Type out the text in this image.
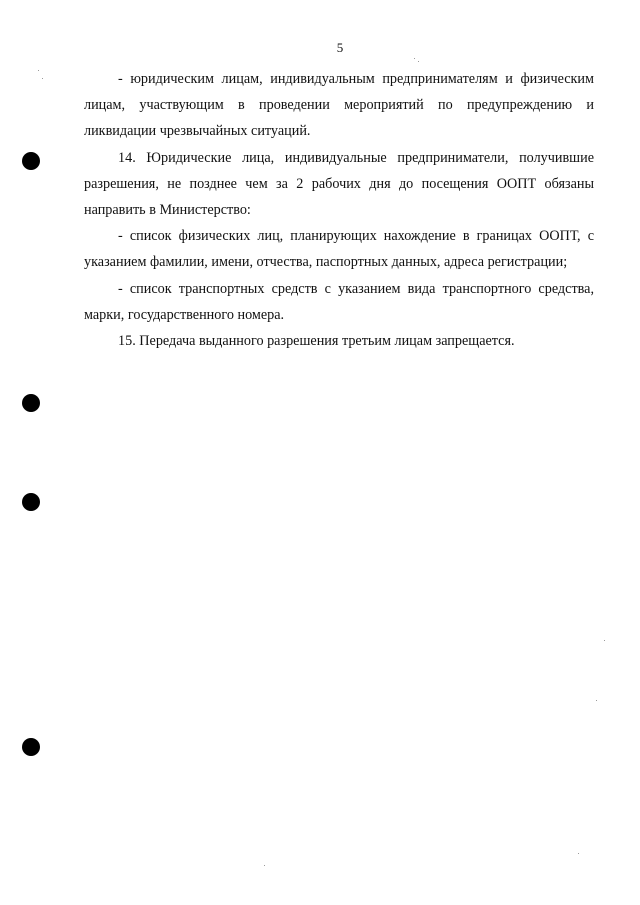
5

- юридическим лицам, индивидуальным предпринимателям и физическим лицам, участвующим в проведении мероприятий по предупреждению и ликвидации чрезвычайных ситуаций.

14. Юридические лица, индивидуальные предприниматели, получившие разрешения, не позднее чем за 2 рабочих дня до посещения ООПТ обязаны направить в Министерство:

- список физических лиц, планирующих нахождение в границах ООПТ, с указанием фамилии, имени, отчества, паспортных данных, адреса регистрации;

- список транспортных средств с указанием вида транспортного средства, марки, государственного номера.

15. Передача выданного разрешения третьим лицам запрещается.
